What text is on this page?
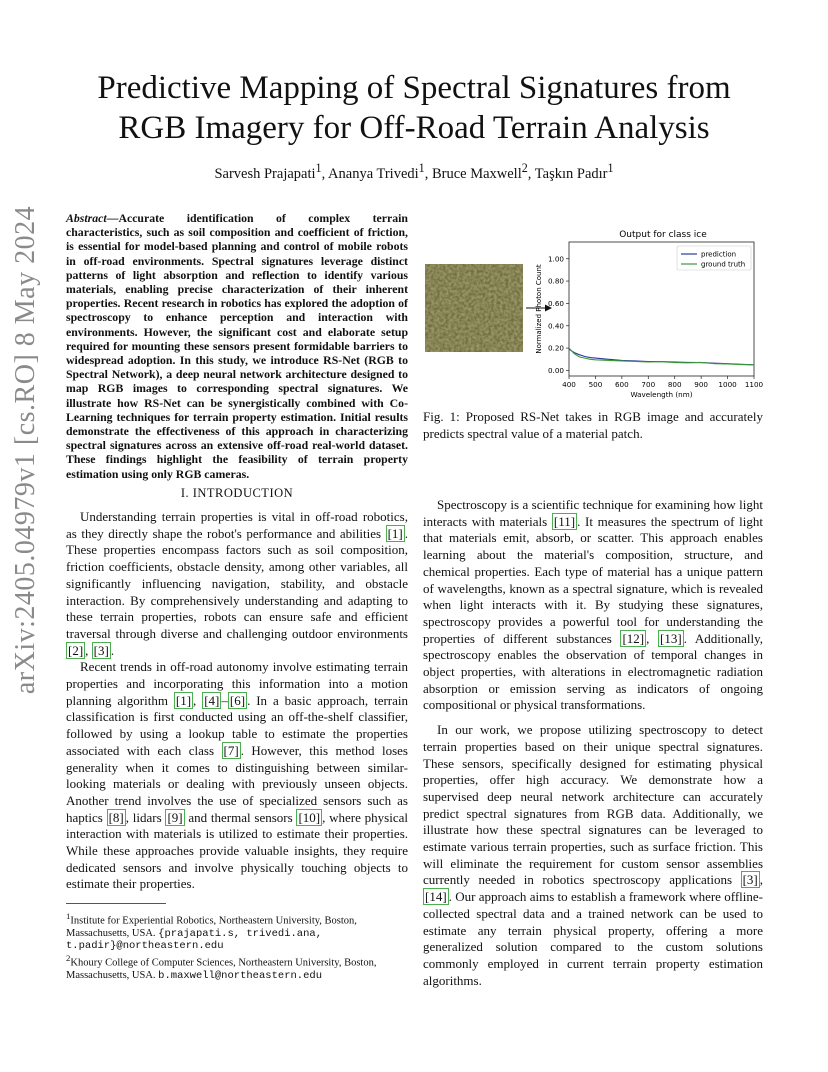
Predictive Mapping of Spectral Signatures from
RGB Imagery for Off-Road Terrain Analysis
Sarvesh Prajapati$^1$, Ananya Trivedi$^1$, Bruce Maxwell$^2$, Taşkın Padır$^1$
arXiv:2405.04979v1 [cs.RO] 8 May 2024	Abstract—Accurate identification of complex terrain characteristics, such as soil composition and coefficient of friction, is essential for model-based planning and control of mobile robots in off-road environments. Spectral signatures leverage distinct patterns of light absorption and reflection to identify various materials, enabling precise characterization of their inherent properties. Recent research in robotics has explored the adoption of spectroscopy to enhance perception and interaction with environments. However, the significant cost and elaborate setup required for mounting these sensors present formidable barriers to widespread adoption. In this study, we introduce RS-Net (RGB to Spectral Network), a deep neural network architecture designed to map RGB images to corresponding spectral signatures. We illustrate how RS-Net can be synergistically combined with Co-Learning techniques for terrain property estimation. Initial results demonstrate the effectiveness of this approach in characterizing spectral signatures across an extensive off-road real-world dataset. These findings highlight the feasibility of terrain property estimation using only RGB cameras.
I. INTRODUCTION

Understanding terrain properties is vital in off-road robotics, as they directly shape the robot's performance and abilities [1] . These properties encompass factors such as soil composition, friction coefficients, obstacle density, among other variables, all significantly influencing navigation, stability, and obstacle interaction. By comprehensively understanding and adapting to these terrain properties, robots can ensure safe and efficient traversal through diverse and challenging outdoor environments [2] , [3] .

Recent trends in off-road autonomy involve estimating terrain properties and incorporating this information into a motion planning algorithm [1] , [4] – [6] . In a basic approach, terrain classification is first conducted using an off-the-shelf classifier, followed by using a lookup table to estimate the properties associated with each class [7] . However, this method loses generality when it comes to distinguishing between similar-looking materials or dealing with previously unseen objects. Another trend involves the use of specialized sensors such as haptics [8] , lidars [9] and thermal sensors [10] , where physical interaction with materials is utilized to estimate their properties. While these approaches provide valuable insights, they require dedicated sensors and involve physically touching objects to estimate their properties.

$^1$Institute for Experiential Robotics, Northeastern University, Boston, Massachusetts, USA. {prajapati.s, trivedi.ana, t.padir}@northeastern.edu
$^2$Khoury College of Computer Sciences, Northeastern University, Boston, Massachusetts, USA. b.maxwell@northeastern.edu
Output for class ice
400 500 600 700 800 900 1000 1100
0.00
0.20
0.40
0.60
0.80
1.00
Wavelength (nm)
Normalized Photon Count
prediction
ground truth
Fig. 1: Proposed RS-Net takes in RGB image and accurately predicts spectral value of a material patch.

Spectroscopy is a scientific technique for examining how light interacts with materials [11] . It measures the spectrum of light that materials emit, absorb, or scatter. This approach enables learning about the material's composition, structure, and chemical properties. Each type of material has a unique pattern of wavelengths, known as a spectral signature, which is revealed when light interacts with it. By studying these signatures, spectroscopy provides a powerful tool for understanding the properties of different substances [12] , [13] . Additionally, spectroscopy enables the observation of temporal changes in object properties, with alterations in electromagnetic radiation absorption or emission serving as indicators of ongoing compositional or physical transformations.

In our work, we propose utilizing spectroscopy to detect terrain properties based on their unique spectral signatures. These sensors, specifically designed for estimating physical properties, offer high accuracy. We demonstrate how a supervised deep neural network architecture can accurately predict spectral signatures from RGB data. Additionally, we illustrate how these spectral signatures can be leveraged to estimate various terrain properties, such as surface friction. This will eliminate the requirement for custom sensor assemblies currently needed in robotics spectroscopy applications [3] , [14] . Our approach aims to establish a framework where offline-collected spectral data and a trained network can be used to estimate any terrain physical property, offering a more generalized solution compared to the custom solutions commonly employed in current terrain property estimation algorithms.
